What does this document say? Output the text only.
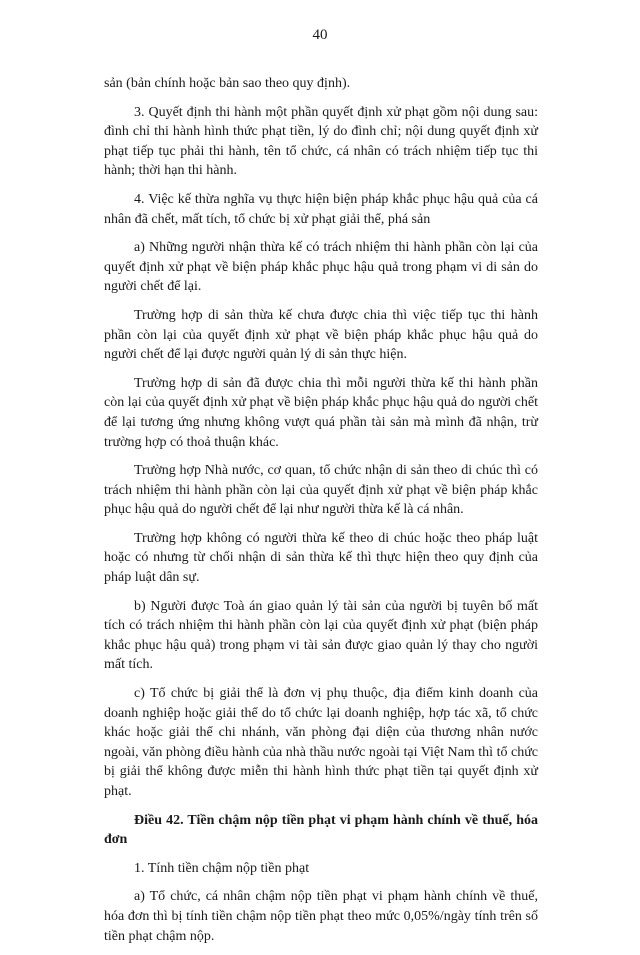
40

sản (bản chính hoặc bản sao theo quy định).

3. Quyết định thi hành một phần quyết định xử phạt gồm nội dung sau: đình chỉ thi hành hình thức phạt tiền, lý do đình chỉ; nội dung quyết định xử phạt tiếp tục phải thi hành, tên tổ chức, cá nhân có trách nhiệm tiếp tục thi hành; thời hạn thi hành.

4. Việc kế thừa nghĩa vụ thực hiện biện pháp khắc phục hậu quả của cá nhân đã chết, mất tích, tổ chức bị xử phạt giải thể, phá sản

a) Những người nhận thừa kế có trách nhiệm thi hành phần còn lại của quyết định xử phạt về biện pháp khắc phục hậu quả trong phạm vi di sản do người chết để lại.

Trường hợp di sản thừa kế chưa được chia thì việc tiếp tục thi hành phần còn lại của quyết định xử phạt về biện pháp khắc phục hậu quả do người chết để lại được người quản lý di sản thực hiện.

Trường hợp di sản đã được chia thì mỗi người thừa kế thi hành phần còn lại của quyết định xử phạt về biện pháp khắc phục hậu quả do người chết để lại tương ứng nhưng không vượt quá phần tài sản mà mình đã nhận, trừ trường hợp có thoả thuận khác.

Trường hợp Nhà nước, cơ quan, tổ chức nhận di sản theo di chúc thì có trách nhiệm thi hành phần còn lại của quyết định xử phạt về biện pháp khắc phục hậu quả do người chết để lại như người thừa kế là cá nhân.

Trường hợp không có người thừa kế theo di chúc hoặc theo pháp luật hoặc có nhưng từ chối nhận di sản thừa kế thì thực hiện theo quy định của pháp luật dân sự.

b) Người được Toà án giao quản lý tài sản của người bị tuyên bố mất tích có trách nhiệm thi hành phần còn lại của quyết định xử phạt (biện pháp khắc phục hậu quả) trong phạm vi tài sản được giao quản lý thay cho người mất tích.

c) Tổ chức bị giải thể là đơn vị phụ thuộc, địa điểm kinh doanh của doanh nghiệp hoặc giải thể do tổ chức lại doanh nghiệp, hợp tác xã, tổ chức khác hoặc giải thể chi nhánh, văn phòng đại diện của thương nhân nước ngoài, văn phòng điều hành của nhà thầu nước ngoài tại Việt Nam thì tổ chức bị giải thể không được miễn thi hành hình thức phạt tiền tại quyết định xử phạt.

Điều 42. Tiền chậm nộp tiền phạt vi phạm hành chính về thuế, hóa đơn

1. Tính tiền chậm nộp tiền phạt

a) Tổ chức, cá nhân chậm nộp tiền phạt vi phạm hành chính về thuế, hóa đơn thì bị tính tiền chậm nộp tiền phạt theo mức 0,05%/ngày tính trên số tiền phạt chậm nộp.
